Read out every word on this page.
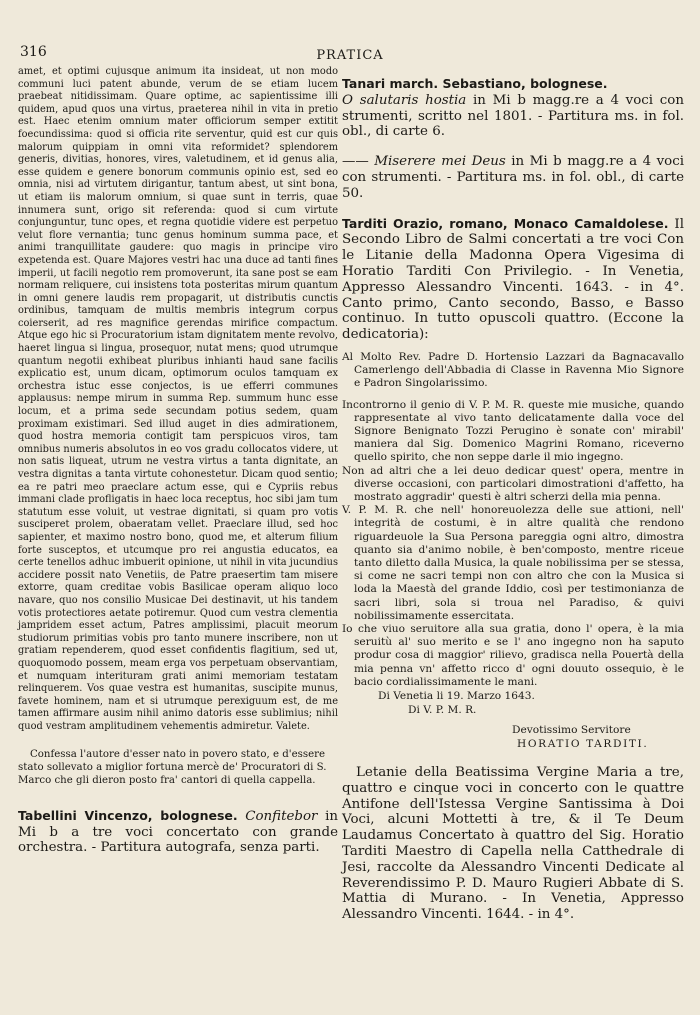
316	PRATICA

amet, et optimi cujusque animum ita insideat, ut non modo communi luci patent abunde, verum de se etiam lucem praebeat nitidissimam. Quare optime, ac sapientissime illi quidem, apud quos una virtus, praeterea nihil in vita in pretio est. Haec etenim omnium mater officiorum semper extitit foecundissima: quod si officia rite serventur, quid est cur quis malorum quippiam in omni vita reformidet? splendorem generis, divitias, honores, vires, valetudinem, et id genus alia, esse quidem e genere bonorum communis opinio est, sed eo omnia, nisi ad virtutem dirigantur, tantum abest, ut sint bona, ut etiam iis malorum omnium, si quae sunt in terris, quae innumera sunt, origo sit referenda: quod si cum virtute conjunguntur, tunc opes, et regna quotidie videre est perpetuo velut flore vernantia; tunc genus hominum summa pace, et animi tranquillitate gaudere: quo magis in principe viro expetenda est. Quare Majores vestri hac una duce ad tanti fines imperii, ut facili negotio rem promoverunt, ita sane post se eam normam reliquere, cui insistens tota posteritas mirum quantum in omni genere laudis rem propagarit, ut distributis cunctis ordinibus, tamquam de multis membris integrum corpus coierserit, ad res magnifice gerendas mirifice compactum. Atque ego hic si Procuratorium istam dignitatem mente revolvo, haeret lingua si lingua, prosequor, nutat mens; quod utrumque quantum negotii exhibeat pluribus inhianti haud sane facilis explicatio est, unum dicam, optimorum oculos tamquam ex orchestra istuc esse conjectos, is ue efferri communes applausus: nempe mirum in summa Rep. summum hunc esse locum, et a prima sede secundam potius sedem, quam proximam existimari. Sed illud auget in dies admirationem, quod hostra memoria contigit tam perspicuos viros, tam omnibus numeris absolutos in eo vos gradu collocatos videre, ut non satis liqueat, utrum ne vestra virtus a tanta dignitate, an vestra dignitas a tanta virtute cohonestetur. Dicam quod sentio; ea re patri meo praeclare actum esse, qui e Cypriis rebus immani clade profligatis in haec loca receptus, hoc sibi jam tum statutum esse voluit, ut vestrae dignitati, si quam pro votis susciperet prolem, obaeratam vellet. Praeclare illud, sed hoc sapienter, et maximo nostro bono, quod me, et alterum filium forte susceptos, et utcumque pro rei angustia educatos, ea certe tenellos adhuc imbuerit opinione, ut nihil in vita jucundius accidere possit nato Venetiis, de Patre praesertim tam misere extorre, quam creditae vobis Basilicae operam aliquo loco navare, quo nos consilio Musicae Dei destinavit, ut his tandem votis protectiores aetate potiremur. Quod cum vestra clementia jampridem esset actum, Patres amplissimi, placuit meorum studiorum primitias vobis pro tanto munere inscribere, non ut gratiam rependerem, quod esset confidentis flagitium, sed ut, quoquomodo possem, meam erga vos perpetuam observantiam, et numquam interituram grati animi memoriam testatam relinquerem. Vos quae vestra est humanitas, suscipite munus, favete hominem, nam et si utrumque perexiguum est, de me tamen affirmare ausim nihil animo datoris esse sublimius; nihil quod vestram amplitudinem vehementis admiretur. Valete.

Confessa l'autore d'esser nato in povero stato, e d'essere stato sollevato a miglior fortuna mercè de' Procuratori di S. Marco che gli dieron posto fra' cantori di quella cappella.

Tabellini Vincenzo, bolognese. Confitebor in Mi b a tre voci concertato con grande orchestra. - Partitura autografa, senza parti.

Tanari march. Sebastiano, bolognese.
O salutaris hostia in Mi b magg.re a 4 voci con strumenti, scritto nel 1801. - Partitura ms. in fol. obl., di carte 6.

—— Miserere mei Deus in Mi b magg.re a 4 voci con strumenti. - Partitura ms. in fol. obl., di carte 50.

Tarditi Orazio, romano, Monaco Camaldolese. Il Secondo Libro de Salmi concertati a tre voci Con le Litanie della Madonna Opera Vigesima di Horatio Tarditi Con Privilegio. - In Venetia, Appresso Alessandro Vincenti. 1643. - in 4°. Canto primo, Canto secondo, Basso, e Basso continuo. In tutto opuscoli quattro. (Eccone la dedicatoria):

Al Molto Rev. Padre D. Hortensio Lazzari da Bagnacavallo Camerlengo dell'Abbadia di Classe in Ravenna Mio Signore e Padron Singolarissimo.

Incontrorno il genio di V. P. M. R. queste mie musiche, quando rappresentate al vivo tanto delicatamente dalla voce del Signore Benignato Tozzi Perugino è sonate con' mirabil' maniera dal Sig. Domenico Magrini Romano, riceverno quello spirito, che non seppe darle il mio ingegno.

Non ad altri che a lei deuo dedicar quest' opera, mentre in diverse occasioni, con particolari dimostrationi d'affetto, ha mostrato aggradir' questi è altri scherzi della mia penna.

V. P. M. R. che nell' honoreuolezza delle sue attioni, nell' integrità de costumi, è in altre qualità che rendono riguardeuole la Sua Persona pareggia ogni altro, dimostra quanto sia d'animo nobile, è ben'composto, mentre riceue tanto diletto dalla Musica, la quale nobilissima per se stessa, si come ne sacri tempi non con altro che con la Musica si loda la Maestà del grande Iddio, così per testimonianza de sacri libri, sola si troua nel Paradiso, & quivi nobilissimamente essercitata.

Io che viuo seruitore alla sua gratia, dono l' opera, è la mia seruitù al' suo merito e se l' ano ingegno non ha saputo produr cosa di maggior' rilievo, gradisca nella Pouertà della mia penna vn' affetto ricco d' ogni douuto ossequio, è le bacio cordialissimamente le mani.

Di Venetia li 19. Marzo 1643.
Di V. P. M. R.
Devotissimo Servitore
HORATIO TARDITI.

Letanie della Beatissima Vergine Maria a tre, quattro e cinque voci in concerto con le quattre Antifone dell'Istessa Vergine Santissima à Doi Voci, alcuni Mottetti à tre, & il Te Deum Laudamus Concertato à quattro del Sig. Horatio Tarditi Maestro di Capella nella Catthedrale di Jesi, raccolte da Alessandro Vincenti Dedicate al Reverendissimo P. D. Mauro Rugieri Abbate di S. Mattia di Murano. - In Venetia, Appresso Alessandro Vincenti. 1644. - in 4°.
